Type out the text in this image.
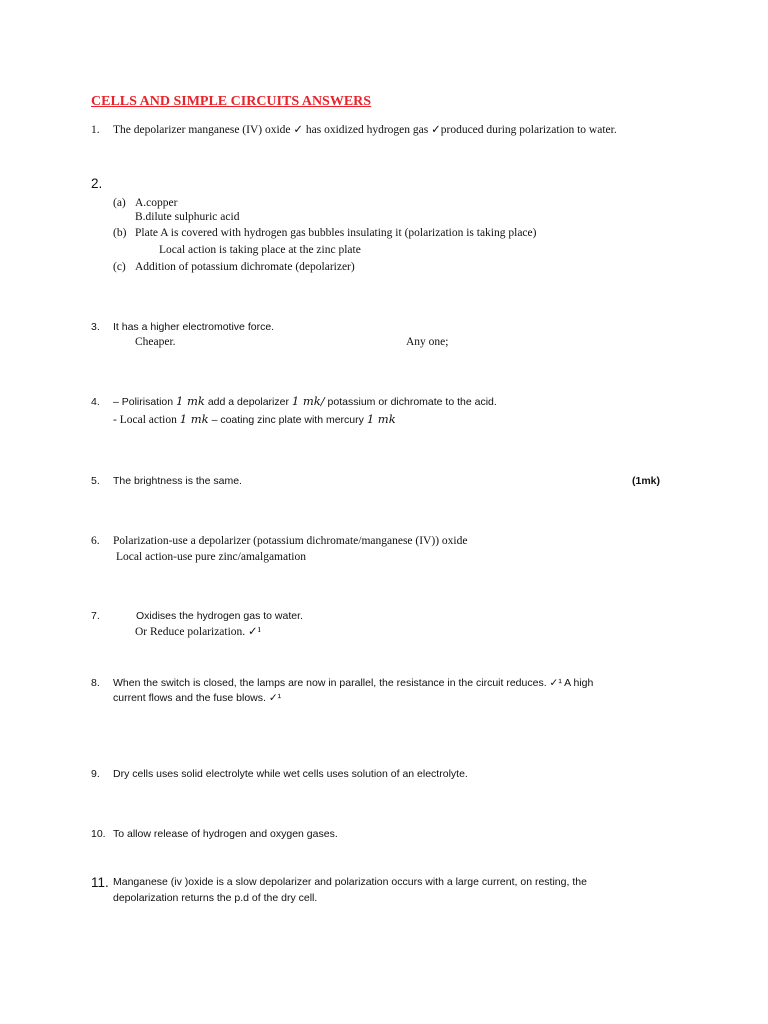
CELLS AND SIMPLE CIRCUITS ANSWERS
1. The depolarizer manganese (IV) oxide ✓ has oxidized hydrogen gas ✓produced during polarization to water.
2.
(a) A.copper
B.dilute sulphuric acid
(b) Plate A is covered with hydrogen gas bubbles insulating it (polarization is taking place)
Local action is taking place at the zinc plate
(c) Addition of potassium dichromate (depolarizer)
3. It has a higher electromotive force.
Cheaper.	Any one;
4. – Polirisation 1 mk add a depolarizer 1 mk/ potassium or dichromate to the acid.
- Local action 1 mk – coating zinc plate with mercury 1 mk
5. The brightness is the same.	(1mk)
6. Polarization-use a depolarizer (potassium dichromate/manganese (IV)) oxide
Local action-use pure zinc/amalgamation
7.	Oxidises the hydrogen gas to water.
Or Reduce polarization. ✓¹
8. When the switch is closed, the lamps are now in parallel, the resistance in the circuit reduces. ✓¹ A high
current flows and the fuse blows. ✓¹
9. Dry cells uses solid electrolyte while wet cells uses solution of an electrolyte.
10. To allow release of hydrogen and oxygen gases.
11. Manganese (iv )oxide is a slow depolarizer and polarization occurs with a large current, on resting, the
depolarization returns the p.d of the dry cell.
